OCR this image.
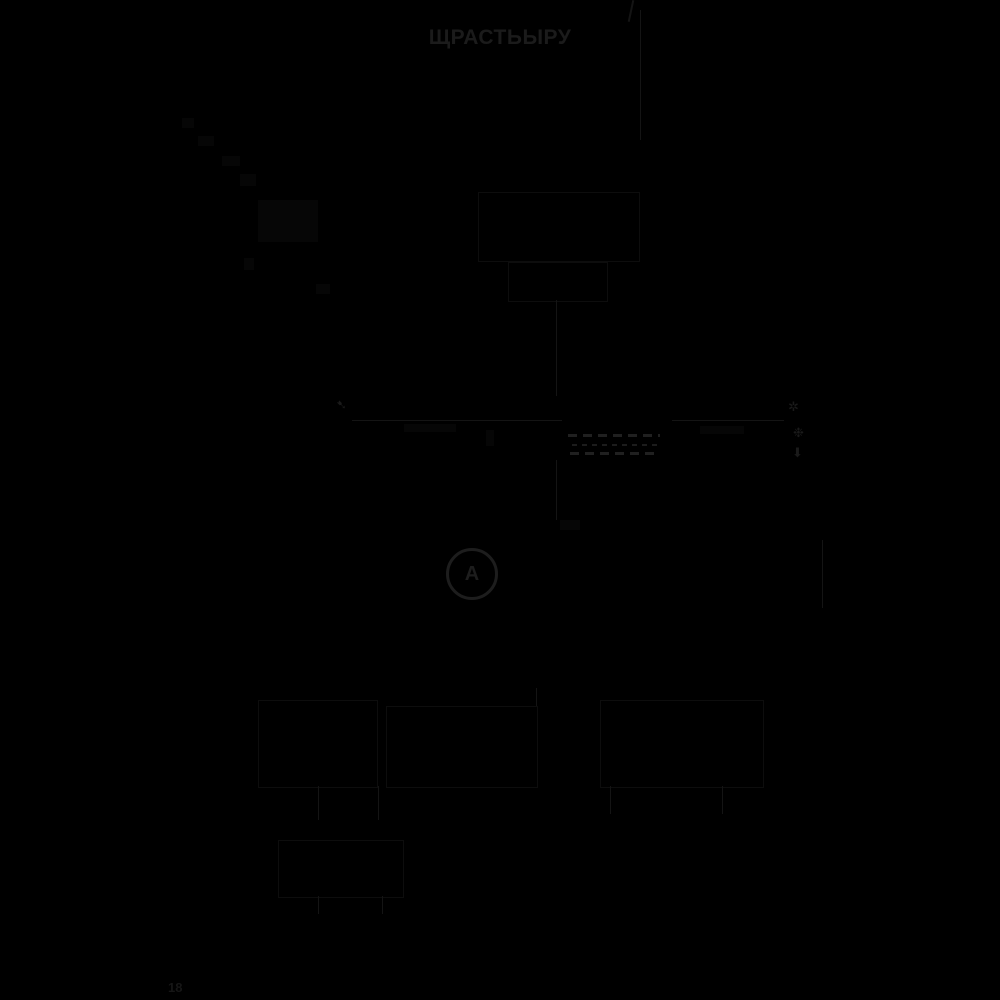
ЩРАСТЬЫРУ
➷	✲
❉
⬇
A
18
